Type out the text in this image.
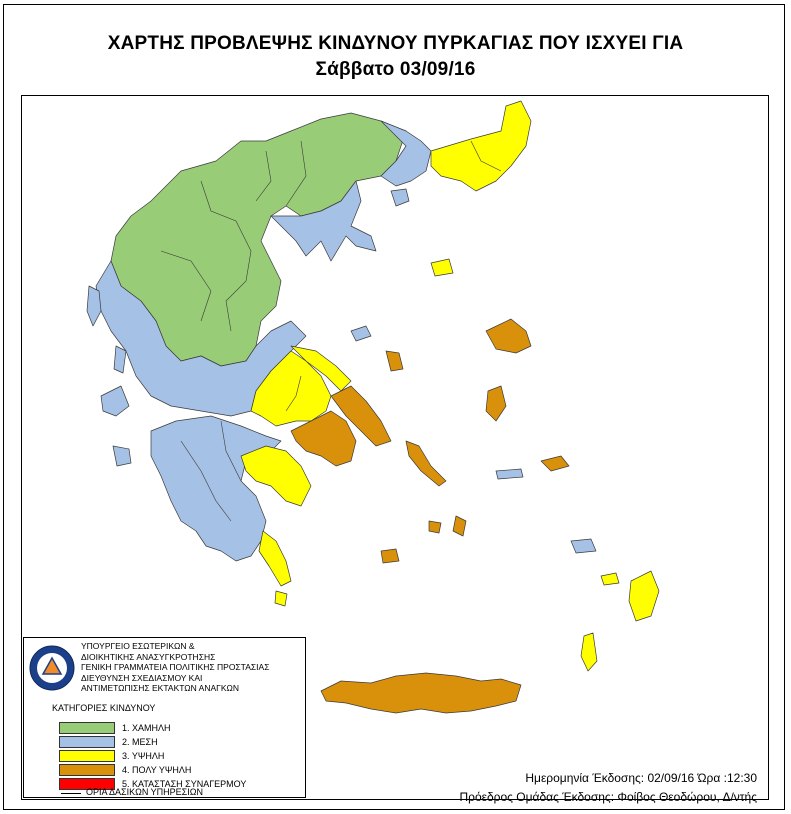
ΧΑΡΤΗΣ ΠΡΟΒΛΕΨΗΣ ΚΙΝΔΥΝΟΥ ΠΥΡΚΑΓΙΑΣ ΠΟΥ ΙΣΧΥΕΙ ΓΙΑ
Σάββατο 03/09/16
ΥΠΟΥΡΓΕΙΟ ΕΣΩΤΕΡΙΚΩΝ &
ΔΙΟΙΚΗΤΙΚΗΣ ΑΝΑΣΥΓΚΡΟΤΗΣΗΣ
ΓΕΝΙΚΗ ΓΡΑΜΜΑΤΕΙΑ ΠΟΛΙΤΙΚΗΣ ΠΡΟΣΤΑΣΙΑΣ
ΔΙΕΥΘΥΝΣΗ ΣΧΕΔΙΑΣΜΟΥ ΚΑΙ
ΑΝΤΙΜΕΤΩΠΙΣΗΣ ΕΚΤΑΚΤΩΝ ΑΝΑΓΚΩΝ
ΚΑΤΗΓΟΡΙΕΣ ΚΙΝΔΥΝΟΥ
1. ΧΑΜΗΛΗ
2. ΜΕΣΗ
3. ΥΨΗΛΗ
4. ΠΟΛΥ ΥΨΗΛΗ
5. ΚΑΤΑΣΤΑΣΗ ΣΥΝΑΓΕΡΜΟΥ
ΟΡΙΑ ΔΑΣΙΚΩΝ ΥΠΗΡΕΣΙΩΝ
Ημερομηνία Έκδοσης: 02/09/16 Ώρα :12:30
Πρόεδρος Ομάδας Έκδοσης: Φοίβος Θεοδώρου, Δ/ντής
